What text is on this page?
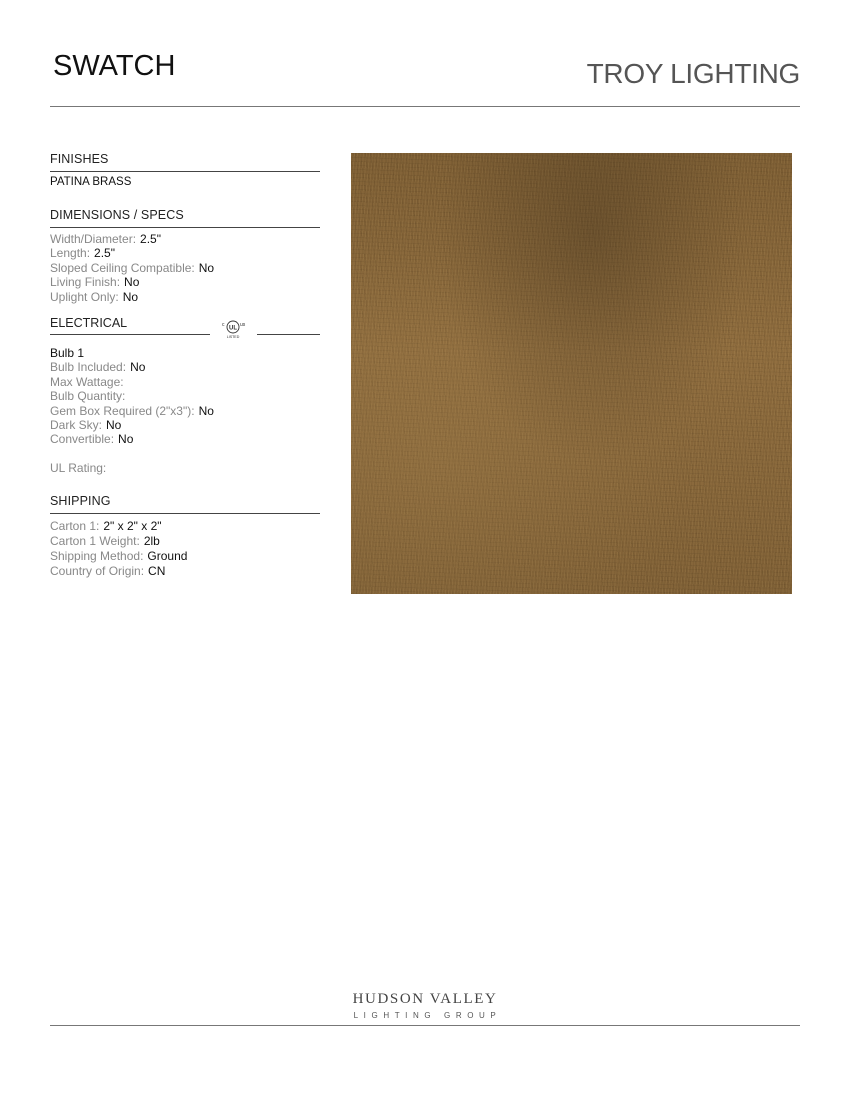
SWATCH	TROY LIGHTING
FINISHES
PATINA BRASS
DIMENSIONS / SPECS
Width/Diameter: 2.5"
Length: 2.5"
Sloped Ceiling Compatible: No
Living Finish: No
Uplight Only: No
ELECTRICAL	c
UL
us
LISTED
Bulb 1
Bulb Included: No
Max Wattage:
Bulb Quantity:
Gem Box Required (2"x3"): No
Dark Sky: No
Convertible: No
UL Rating:
SHIPPING
Carton 1: 2" x 2" x 2"
Carton 1 Weight: 2lb
Shipping Method: Ground
Country of Origin: CN
HUDSON VALLEY
LIGHTING GROUP
